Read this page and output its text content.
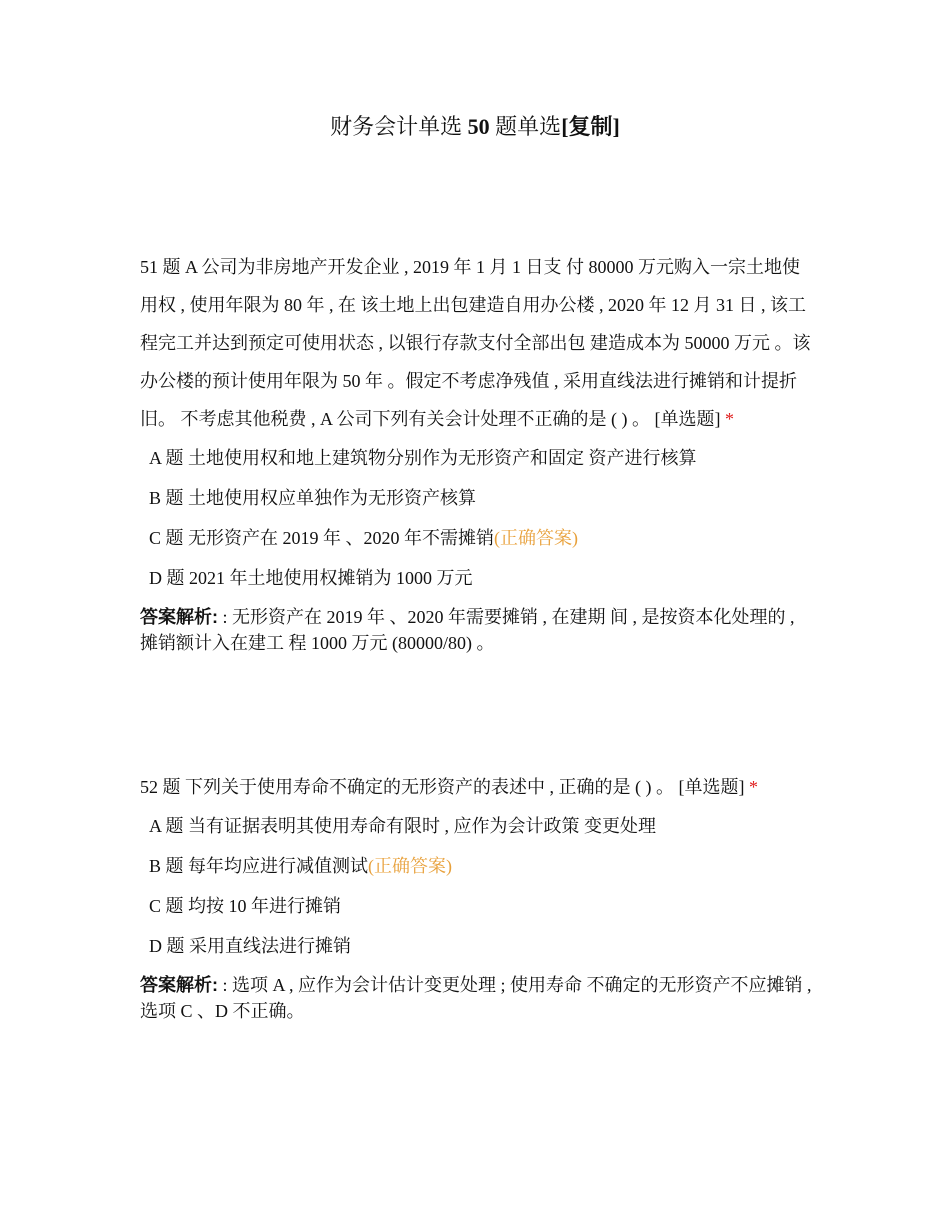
财务会计单选 50 题单选[复制]

51 题 A 公司为非房地产开发企业 , 2019 年 1 月 1 日支 付 80000 万元购入一宗土地使用权 , 使用年限为 80 年 , 在 该土地上出包建造自用办公楼 , 2020 年 12 月 31 日 , 该工 程完工并达到预定可使用状态 , 以银行存款支付全部出包 建造成本为 50000 万元 。该办公楼的预计使用年限为 50 年 。假定不考虑净残值 , 采用直线法进行摊销和计提折旧。 不考虑其他税费 , A 公司下列有关会计处理不正确的是 ( ) 。 [单选题] *

A 题 土地使用权和地上建筑物分别作为无形资产和固定 资产进行核算
B 题 土地使用权应单独作为无形资产核算
C 题 无形资产在 2019 年 、2020 年不需摊销(正确答案)
D 题 2021 年土地使用权摊销为 1000 万元

答案解析: : 无形资产在 2019 年 、2020 年需要摊销 , 在建期 间 , 是按资本化处理的 , 摊销额计入在建工 程 1000 万元 (80000/80) 。

52 题 下列关于使用寿命不确定的无形资产的表述中 , 正确的是 ( ) 。 [单选题] *

A 题 当有证据表明其使用寿命有限时 , 应作为会计政策 变更处理
B 题 每年均应进行减值测试(正确答案)
C 题 均按 10 年进行摊销
D 题 采用直线法进行摊销

答案解析: : 选项 A , 应作为会计估计变更处理 ; 使用寿命 不确定的无形资产不应摊销 , 选项 C 、D 不正确。
